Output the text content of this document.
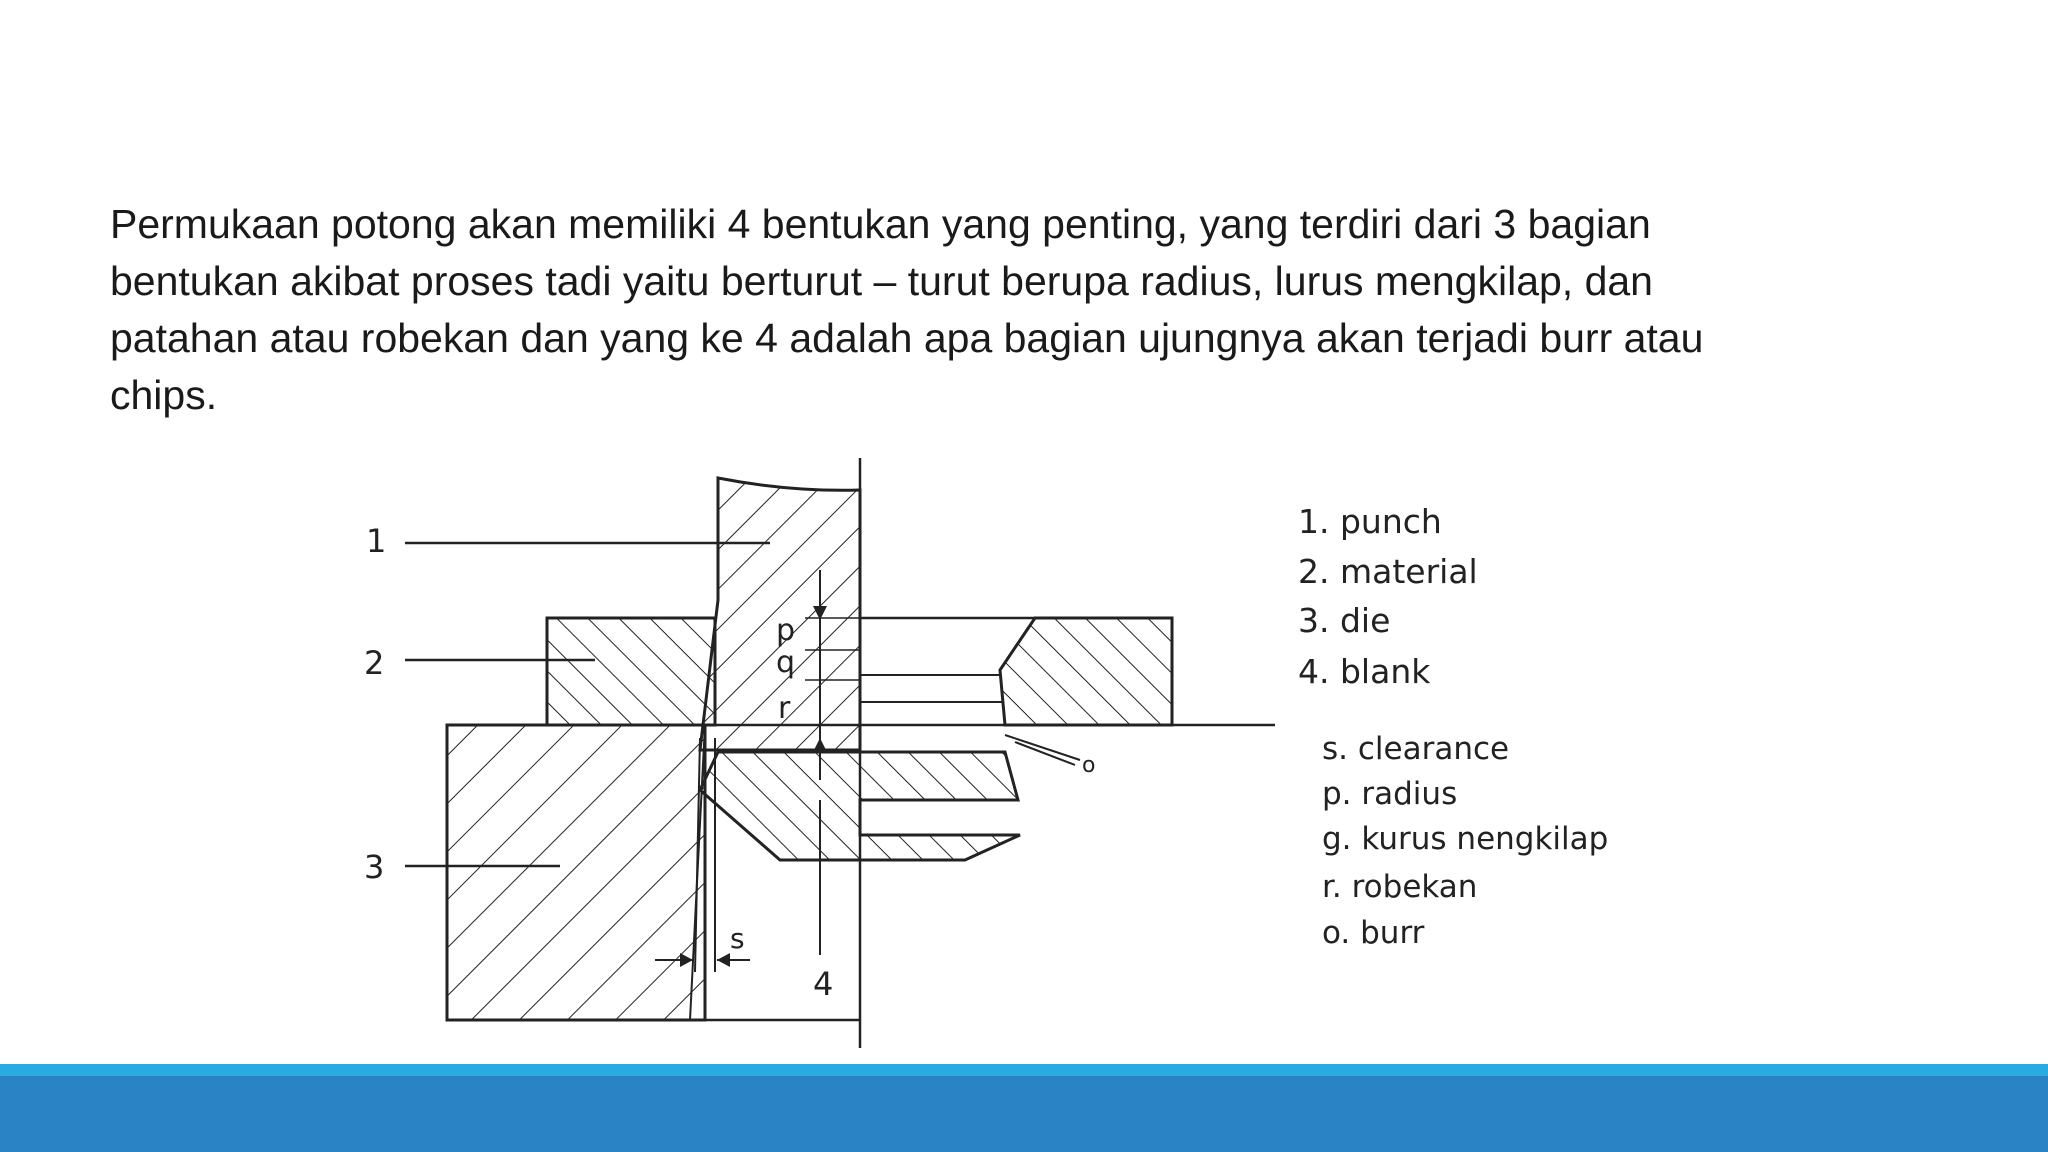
Permukaan potong akan memiliki 4 bentukan yang penting, yang terdiri dari 3 bagian bentukan akibat proses tadi yaitu berturut – turut berupa radius, lurus mengkilap, dan patahan atau robekan dan yang ke 4 adalah apa bagian ujungnya akan terjadi burr atau chips.

1
2
3
4
p
q
r
s
o
1. punch
2. material
3. die
4. blank
s. clearance
p. radius
g. kurus nengkilap
r. robekan
o. burr
